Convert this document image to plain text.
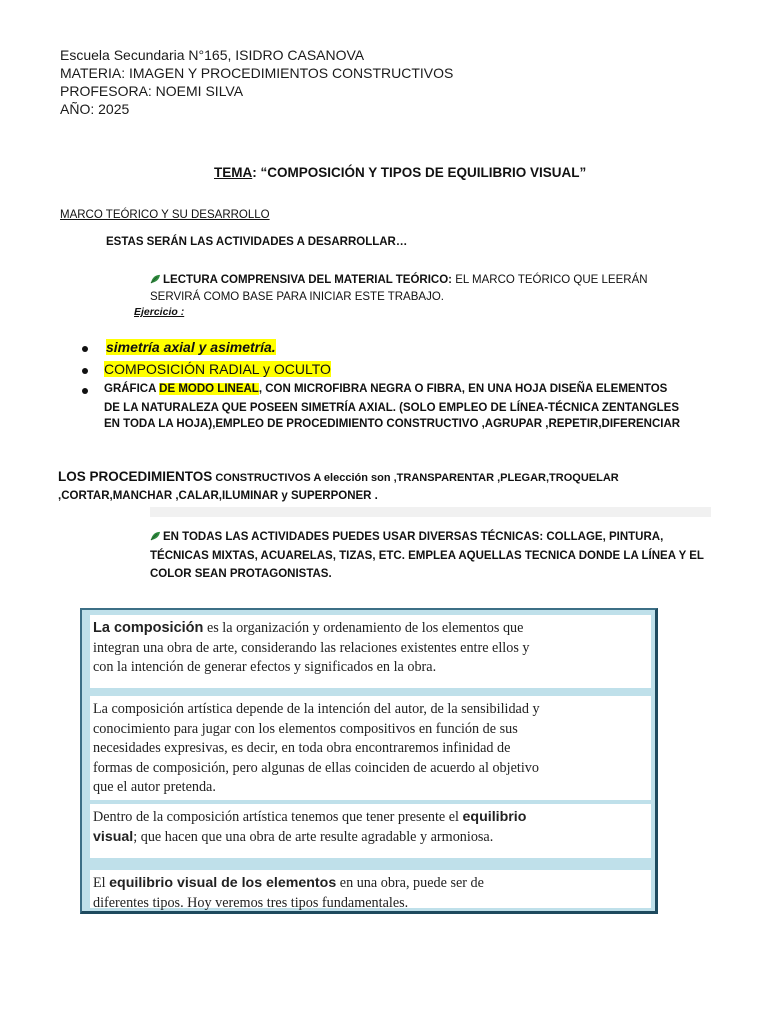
Escuela Secundaria N°165, ISIDRO CASANOVA
MATERIA: IMAGEN Y PROCEDIMIENTOS CONSTRUCTIVOS
PROFESORA: NOEMI SILVA
AÑO: 2025
TEMA: “COMPOSICIÓN Y TIPOS DE EQUILIBRIO VISUAL”
MARCO TEÓRICO Y SU DESARROLLO
ESTAS SERÁN LAS ACTIVIDADES A DESARROLLAR…
LECTURA COMPRENSIVA DEL MATERIAL TEÓRICO: EL MARCO TEÓRICO QUE LEERÁN
SERVIRÁ COMO BASE PARA INICIAR ESTE TRABAJO.
Ejercicio :
simetría axial y asimetría.
COMPOSICIÓN RADIAL y OCULTO
GRÁFICA DE MODO LINEAL, CON MICROFIBRA NEGRA O FIBRA, EN UNA HOJA DISEÑA ELEMENTOS
DE LA NATURALEZA QUE POSEEN SIMETRÍA AXIAL. (SOLO EMPLEO DE LÍNEA-TÉCNICA ZENTANGLES
EN TODA LA HOJA),EMPLEO DE PROCEDIMIENTO CONSTRUCTIVO ,AGRUPAR ,REPETIR,DIFERENCIAR
LOS PROCEDIMIENTOS CONSTRUCTIVOS A elección son ,TRANSPARENTAR ,PLEGAR,TROQUELAR
,CORTAR,MANCHAR ,CALAR,ILUMINAR y SUPERPONER .
EN TODAS LAS ACTIVIDADES PUEDES USAR DIVERSAS TÉCNICAS: COLLAGE, PINTURA,
TÉCNICAS MIXTAS, ACUARELAS, TIZAS, ETC. EMPLEA AQUELLAS TECNICA DONDE LA LÍNEA Y EL
COLOR SEAN PROTAGONISTAS.
La composición es la organización y ordenamiento de los elementos que
integran una obra de arte, considerando las relaciones existentes entre ellos y
con la intención de generar efectos y significados en la obra.
La composición artística depende de la intención del autor, de la sensibilidad y
conocimiento para jugar con los elementos compositivos en función de sus
necesidades expresivas, es decir, en toda obra encontraremos infinidad de
formas de composición, pero algunas de ellas coinciden de acuerdo al objetivo
que el autor pretenda.
Dentro de la composición artística tenemos que tener presente el equilibrio
visual; que hacen que una obra de arte resulte agradable y armoniosa.
El equilibrio visual de los elementos en una obra, puede ser de
diferentes tipos. Hoy veremos tres tipos fundamentales.
